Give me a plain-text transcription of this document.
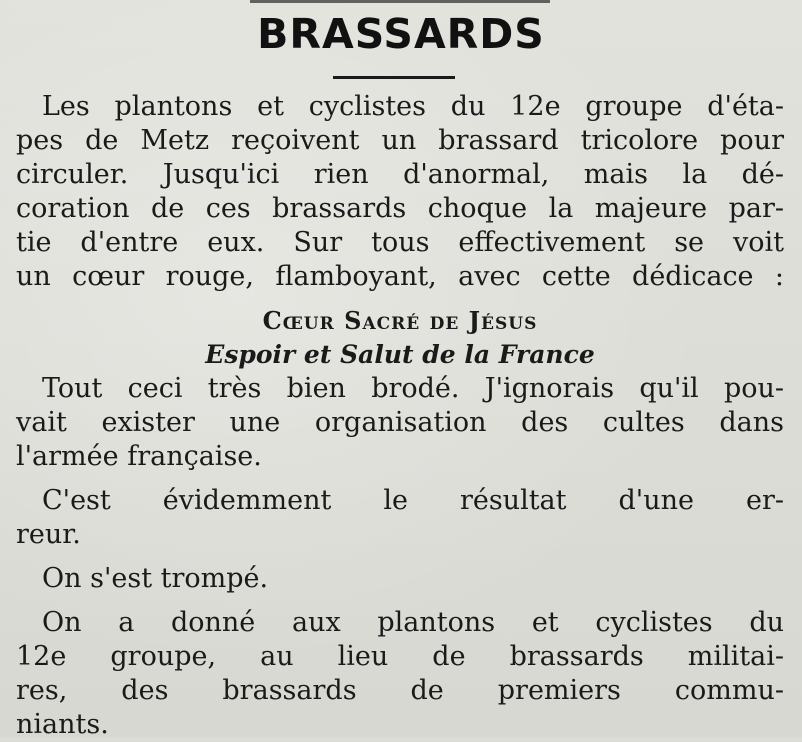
BRASSARDS
Les plantons et cyclistes du 12e groupe d'éta-
pes de Metz reçoivent un brassard tricolore pour
circuler. Jusqu'ici rien d'anormal, mais la dé-
coration de ces brassards choque la majeure par-
tie d'entre eux. Sur tous effectivement se voit
un cœur rouge, flamboyant, avec cette dédicace :
Cœur Sacré de Jésus
Espoir et Salut de la France
Tout ceci très bien brodé. J'ignorais qu'il pou-
vait exister une organisation des cultes dans
l'armée française.
C'est évidemment le résultat d'une er-
reur.
On s'est trompé.
On a donné aux plantons et cyclistes du
12e groupe, au lieu de brassards militai-
res, des brassards de premiers commu-
niants.
